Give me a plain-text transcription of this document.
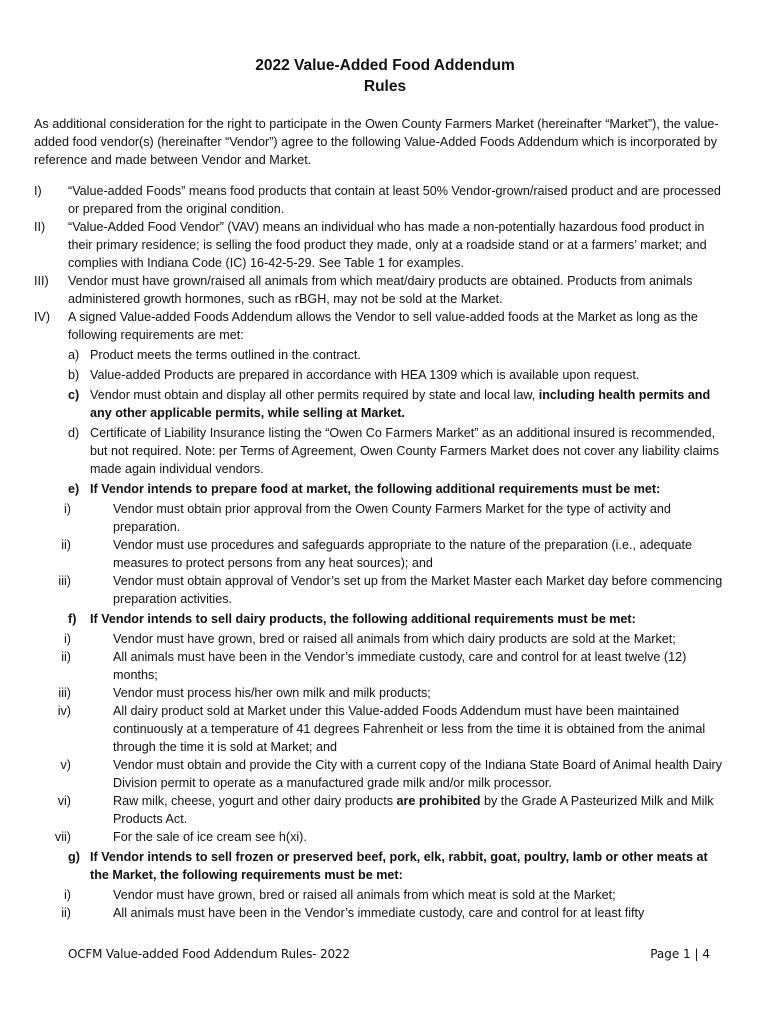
2022 Value-Added Food Addendum
Rules

As additional consideration for the right to participate in the Owen County Farmers Market (hereinafter “Market”), the value-added food vendor(s) (hereinafter “Vendor”) agree to the following Value-Added Foods Addendum which is incorporated by reference and made between Vendor and Market.

I) “Value-added Foods” means food products that contain at least 50% Vendor-grown/raised product and are processed or prepared from the original condition.
II) “Value-Added Food Vendor” (VAV) means an individual who has made a non-potentially hazardous food product in their primary residence; is selling the food product they made, only at a roadside stand or at a farmers’ market; and complies with Indiana Code (IC) 16-42-5-29. See Table 1 for examples.
III) Vendor must have grown/raised all animals from which meat/dairy products are obtained. Products from animals administered growth hormones, such as rBGH, may not be sold at the Market.
IV) A signed Value-added Foods Addendum allows the Vendor to sell value-added foods at the Market as long as the following requirements are met:
a) Product meets the terms outlined in the contract.
b) Value-added Products are prepared in accordance with HEA 1309 which is available upon request.
c) Vendor must obtain and display all other permits required by state and local law, including health permits and any other applicable permits, while selling at Market.
d) Certificate of Liability Insurance listing the “Owen Co Farmers Market” as an additional insured is recommended, but not required. Note: per Terms of Agreement, Owen County Farmers Market does not cover any liability claims made again individual vendors.
e) If Vendor intends to prepare food at market, the following additional requirements must be met:
i)	Vendor must obtain prior approval from the Owen County Farmers Market for the type of activity and preparation.
ii)	Vendor must use procedures and safeguards appropriate to the nature of the preparation (i.e., adequate measures to protect persons from any heat sources); and
iii)	Vendor must obtain approval of Vendor’s set up from the Market Master each Market day before commencing preparation activities.
f) If Vendor intends to sell dairy products, the following additional requirements must be met:
i)	Vendor must have grown, bred or raised all animals from which dairy products are sold at the Market;
ii)	All animals must have been in the Vendor’s immediate custody, care and control for at least twelve (12) months;
iii)	Vendor must process his/her own milk and milk products;
iv)	All dairy product sold at Market under this Value-added Foods Addendum must have been maintained continuously at a temperature of 41 degrees Fahrenheit or less from the time it is obtained from the animal through the time it is sold at Market; and
v)	Vendor must obtain and provide the City with a current copy of the Indiana State Board of Animal health Dairy Division permit to operate as a manufactured grade milk and/or milk processor.
vi)	Raw milk, cheese, yogurt and other dairy products are prohibited by the Grade A Pasteurized Milk and Milk Products Act.
vii)	For the sale of ice cream see h(xi).
g) If Vendor intends to sell frozen or preserved beef, pork, elk, rabbit, goat, poultry, lamb or other meats at the Market, the following requirements must be met:
i)	Vendor must have grown, bred or raised all animals from which meat is sold at the Market;
ii)	All animals must have been in the Vendor’s immediate custody, care and control for at least fifty
OCFM Value-added Food Addendum Rules- 2022	Page 1 | 4
